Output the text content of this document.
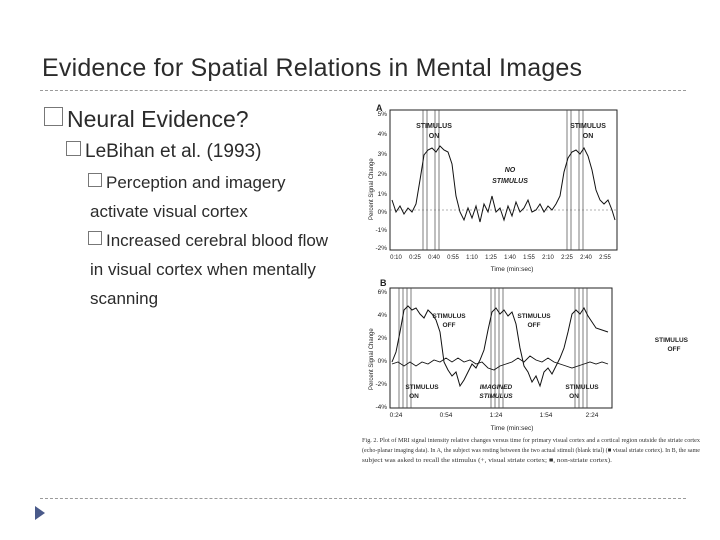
Evidence for Spatial Relations in Mental Images
Neural Evidence?
LeBihan et al. (1993)
Perception and imagery
activate visual cortex
Increased cerebral blood flow
in visual cortex when mentally
scanning
A
5%
4%
3%
2%
1%
0%
-1%
-2%
Percent Signal Change
0:10 0:25 0:40 0:55 1:10 1:25 1:40 1:55 2:10 2:25 2:40 2:55
Time (min:sec)
STIMULUS
ON
STIMULUS
ON
NO
STIMULUS
B
6%
4%
2%
0%
-2%
-4%
Percent Signal Change
0:24	0:54	1:24	1:54	2:24
Time (min:sec)
STIMULUS
OFF
STIMULUS
OFF
STIMULUS
OFF
STIMULUS
ON
STIMULUS
ON
IMAGINED
STIMULUS
Fig. 2. Plot of MRI signal intensity relative changes versus time for primary visual cortex and a cortical region outside the striate cortex
(echo-planar imaging data). In A, the subject was resting between the two actual stimuli (blank trial) (■ visual striate cortex). In B, the same
subject was asked to recall the stimulus (+, visual striate cortex; ■, non-striate cortex).
